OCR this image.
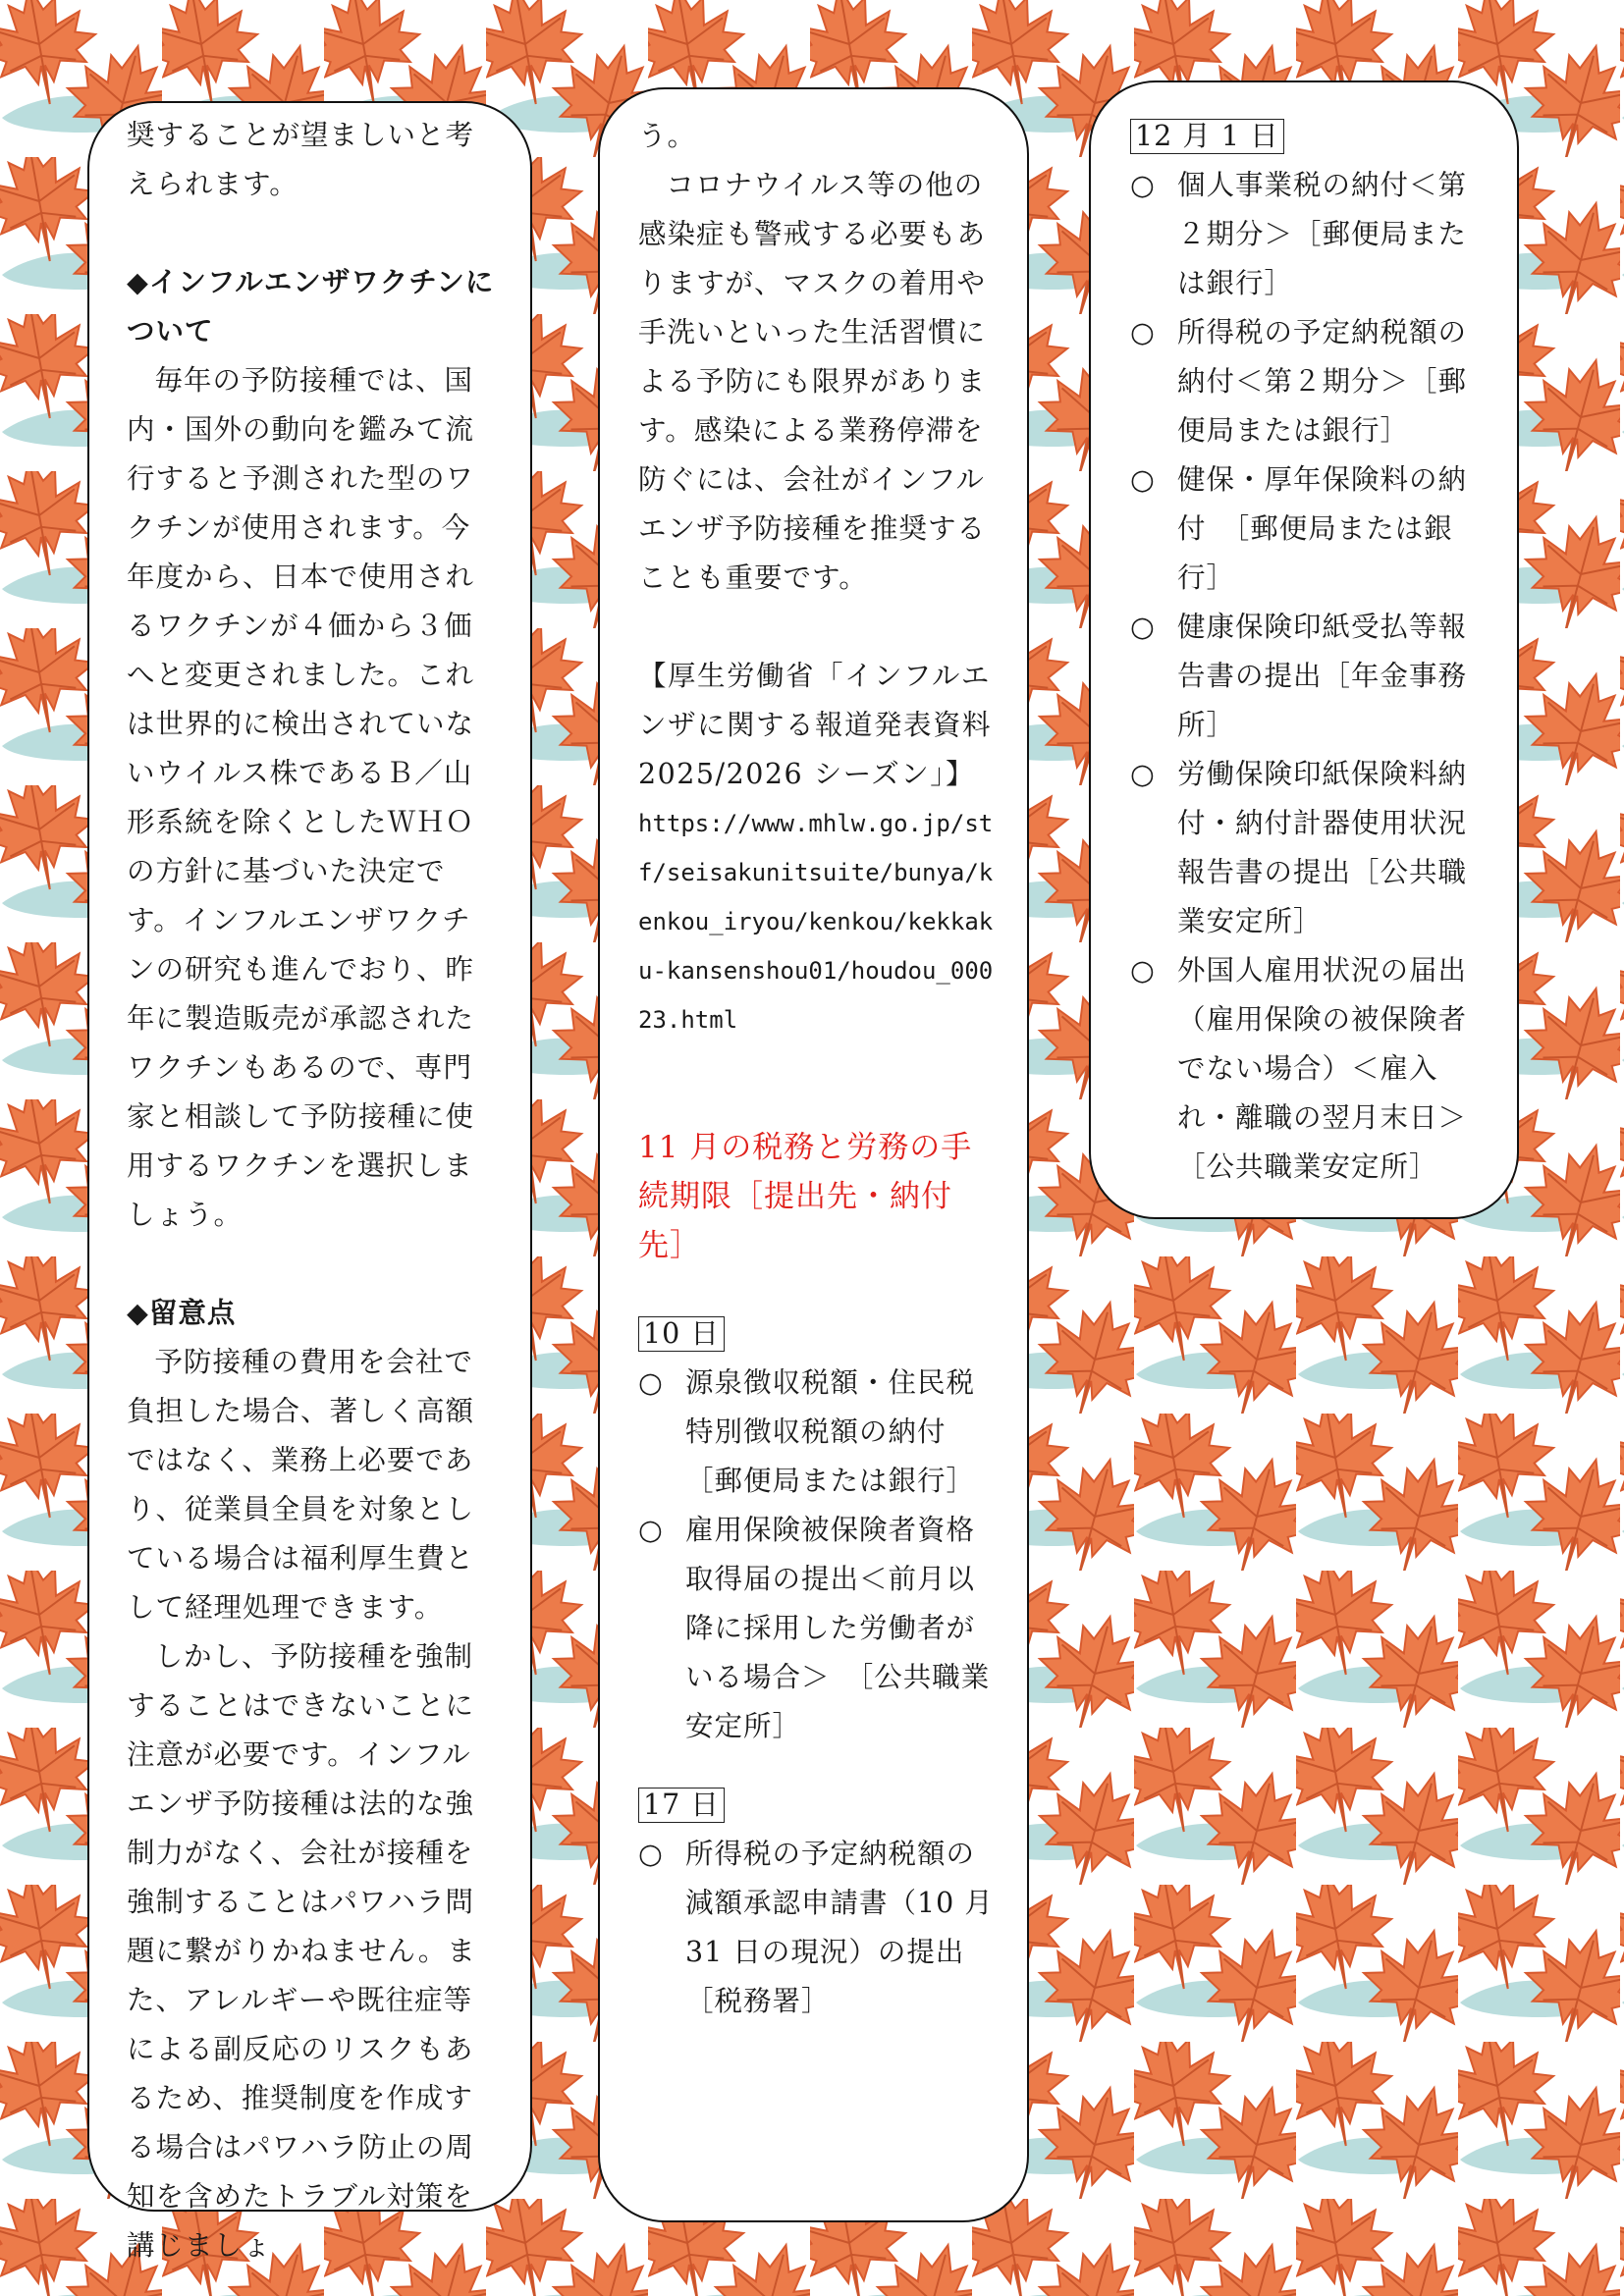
奨することが望ましいと考えられます。

◆インフルエンザワクチンについて

毎年の予防接種では、国内・国外の動向を鑑みて流行すると予測された型のワクチンが使用されます。今年度から、日本で使用されるワクチンが４価から３価へと変更されました。これは世界的に検出されていないウイルス株であるＢ／山形系統を除くとしたＷＨＯの方針に基づいた決定です。インフルエンザワクチンの研究も進んでおり、昨年に製造販売が承認されたワクチンもあるので、専門家と相談して予防接種に使用するワクチンを選択しましょう。

◆留意点

予防接種の費用を会社で負担した場合、著しく高額ではなく、業務上必要であり、従業員全員を対象としている場合は福利厚生費として経理処理できます。

しかし、予防接種を強制することはできないことに注意が必要です。インフルエンザ予防接種は法的な強制力がなく、会社が接種を強制することはパワハラ問題に繋がりかねません。また、アレルギーや既往症等による副反応のリスクもあるため、推奨制度を作成する場合はパワハラ防止の周知を含めたトラブル対策を講じましょ

う。

コロナウイルス等の他の感染症も警戒する必要もありますが、マスクの着用や手洗いといった生活習慣による予防にも限界があります。感染による業務停滞を防ぐには、会社がインフルエンザ予防接種を推奨することも重要です。

【厚生労働省「インフルエンザに関する報道発表資料 2025/2026 シーズン」】

https://www.mhlw.go.jp/stf/seisakunitsuite/bunya/kenkou_iryou/kenkou/kekkaku-kansenshou01/houdou_00023.html

11 月の税務と労務の手続期限［提出先・納付先］

10 日
○ 源泉徴収税額・住民税特別徴収税額の納付［郵便局または銀行］
○ 雇用保険被保険者資格取得届の提出＜前月以降に採用した労働者がいる場合＞　［公共職業安定所］
17 日
○ 所得税の予定納税額の減額承認申請書（10 月 31 日の現況）の提出［税務署］
12 月 1 日
○ 個人事業税の納付＜第２期分＞［郵便局または銀行］
○ 所得税の予定納税額の納付＜第２期分＞［郵便局または銀行］
○ 健保・厚年保険料の納付　［郵便局または銀行］
○ 健康保険印紙受払等報告書の提出［年金事務所］
○ 労働保険印紙保険料納付・納付計器使用状況報告書の提出［公共職業安定所］
○ 外国人雇用状況の届出　（雇用保険の被保険者でない場合）＜雇入れ・離職の翌月末日＞　［公共職業安定所］
